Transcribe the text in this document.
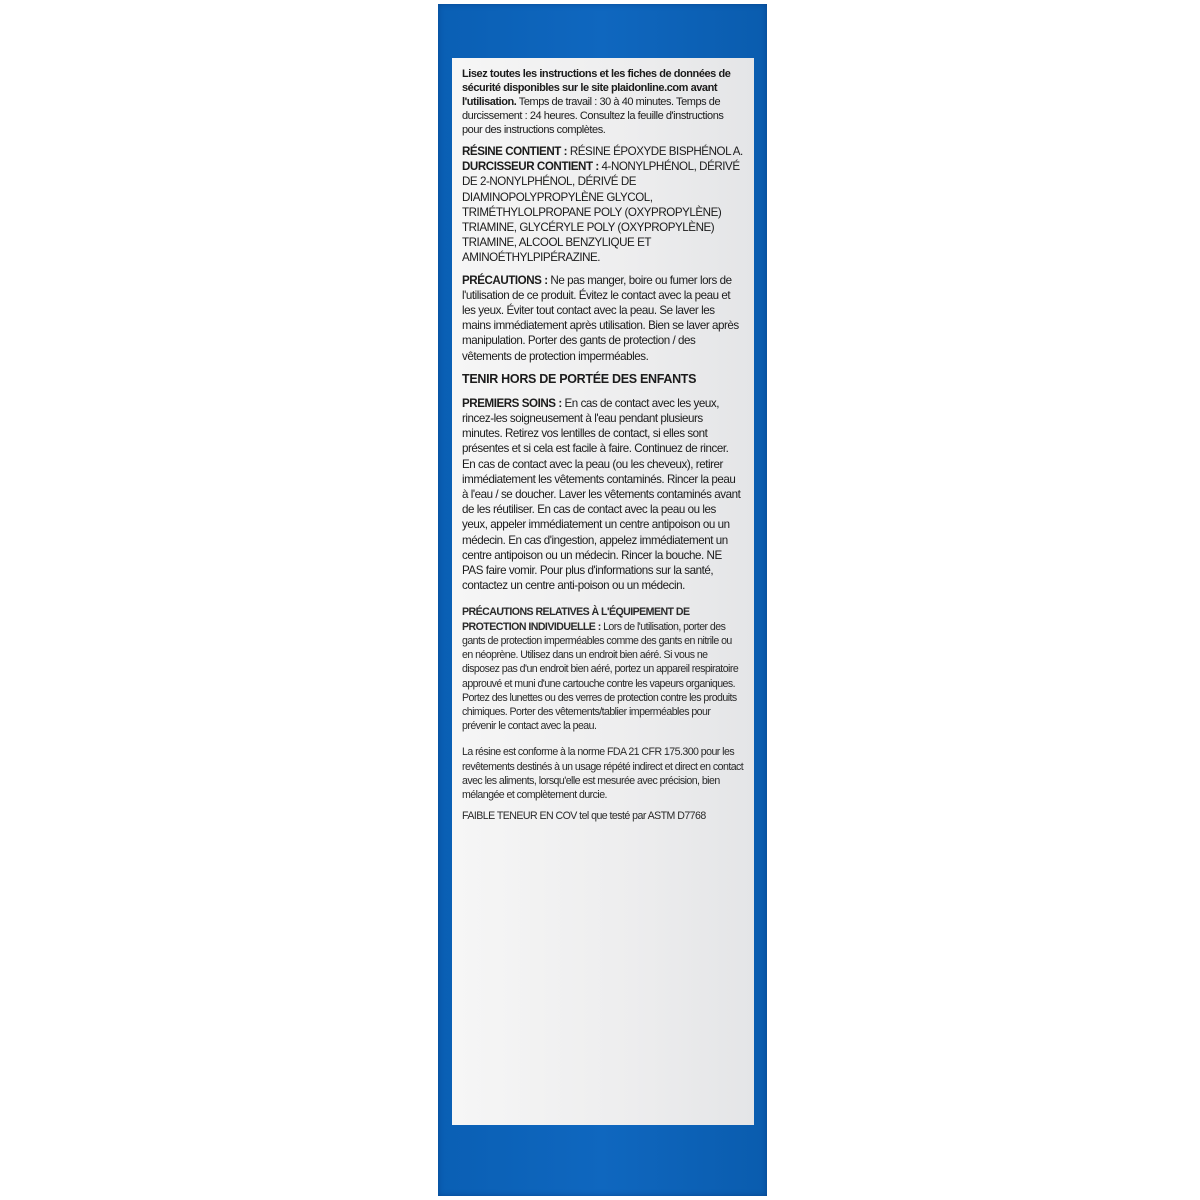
Lisez toutes les instructions et les fiches de données de sécurité disponibles sur le site plaidonline.com avant l'utilisation. Temps de travail : 30 à 40 minutes. Temps de durcissement : 24 heures. Consultez la feuille d'instructions pour des instructions complètes.

RÉSINE CONTIENT : RÉSINE ÉPOXYDE BISPHÉNOL A. DURCISSEUR CONTIENT : 4-NONYLPHÉNOL, DÉRIVÉ DE 2-NONYLPHÉNOL, DÉRIVÉ DE DIAMINOPOLYPROPYLÈNE GLYCOL, TRIMÉTHYLOLPROPANE POLY (OXYPROPYLÈNE) TRIAMINE, GLYCÉRYLE POLY (OXYPROPYLÈNE) TRIAMINE, ALCOOL BENZYLIQUE ET AMINOÉTHYLPIPÉRAZINE.

PRÉCAUTIONS : Ne pas manger, boire ou fumer lors de l'utilisation de ce produit. Évitez le contact avec la peau et les yeux. Éviter tout contact avec la peau. Se laver les mains immédiatement après utilisation. Bien se laver après manipulation. Porter des gants de protection / des vêtements de protection imperméables.

TENIR HORS DE PORTÉE DES ENFANTS

PREMIERS SOINS : En cas de contact avec les yeux, rincez-les soigneusement à l'eau pendant plusieurs minutes. Retirez vos lentilles de contact, si elles sont présentes et si cela est facile à faire. Continuez de rincer. En cas de contact avec la peau (ou les cheveux), retirer immédiatement les vêtements contaminés. Rincer la peau à l'eau / se doucher. Laver les vêtements contaminés avant de les réutiliser. En cas de contact avec la peau ou les yeux, appeler immédiatement un centre antipoison ou un médecin. En cas d'ingestion, appelez immédiatement un centre antipoison ou un médecin. Rincer la bouche. NE PAS faire vomir. Pour plus d'informations sur la santé, contactez un centre anti-poison ou un médecin.

PRÉCAUTIONS RELATIVES À L'ÉQUIPEMENT DE PROTECTION INDIVIDUELLE : Lors de l'utilisation, porter des gants de protection imperméables comme des gants en nitrile ou en néoprène. Utilisez dans un endroit bien aéré. Si vous ne disposez pas d'un endroit bien aéré, portez un appareil respiratoire approuvé et muni d'une cartouche contre les vapeurs organiques. Portez des lunettes ou des verres de protection contre les produits chimiques. Porter des vêtements/tablier imperméables pour prévenir le contact avec la peau.

La résine est conforme à la norme FDA 21 CFR 175.300 pour les revêtements destinés à un usage répété indirect et direct en contact avec les aliments, lorsqu'elle est mesurée avec précision, bien mélangée et complètement durcie.

FAIBLE TENEUR EN COV tel que testé par ASTM D7768
